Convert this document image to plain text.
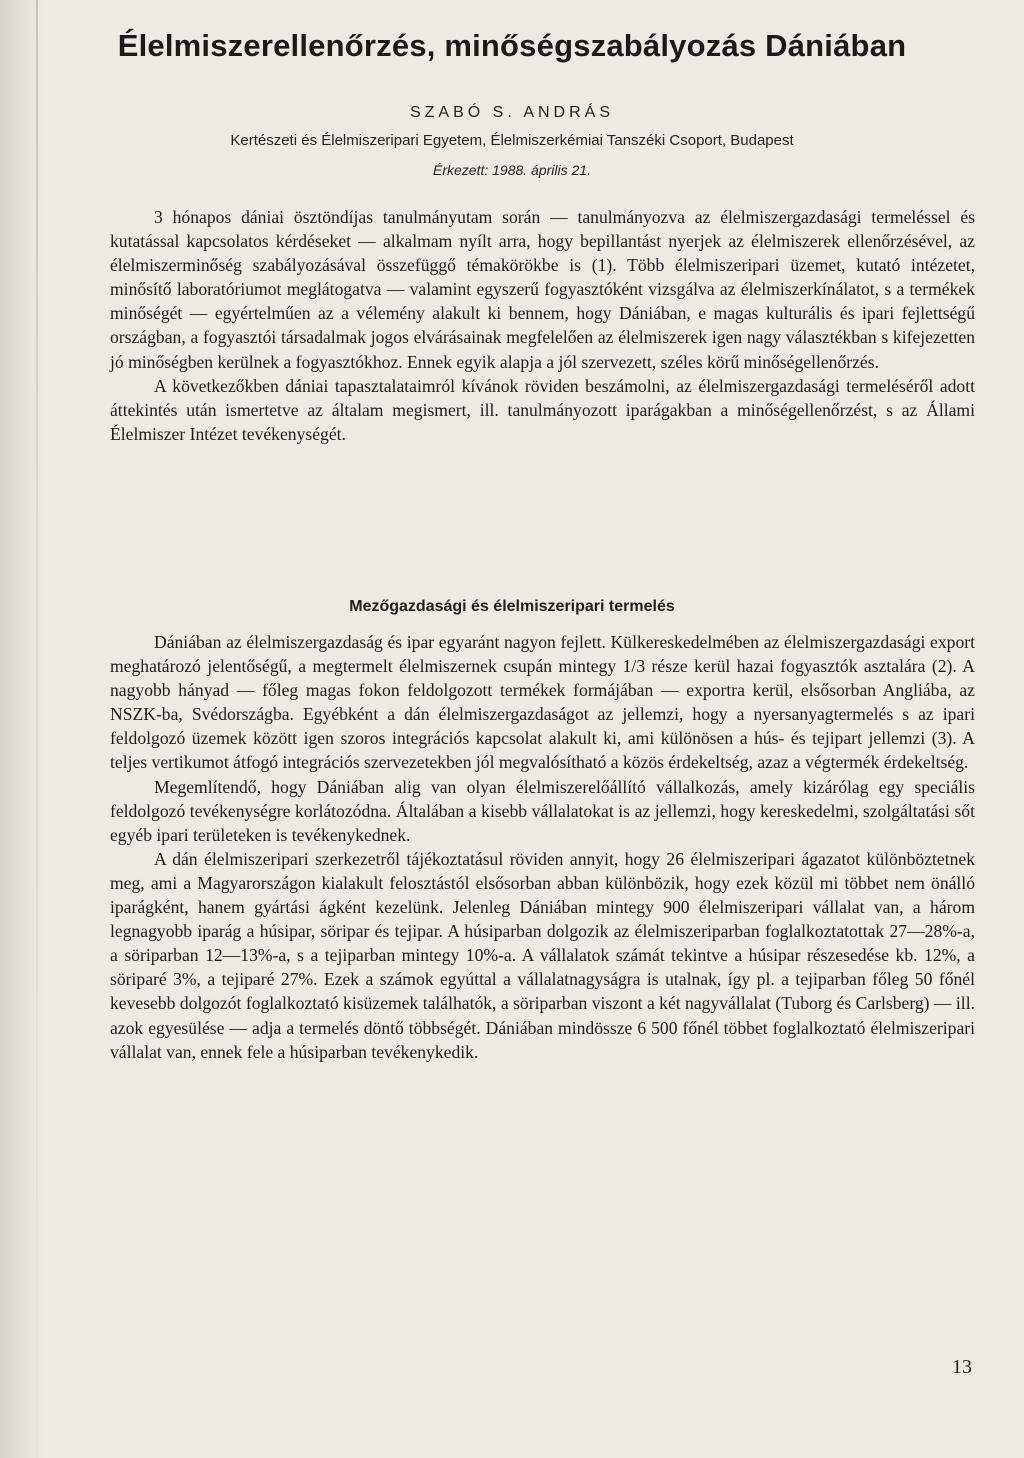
Élelmiszerellenőrzés, minőségszabályozás Dániában
SZABÓ S. ANDRÁS
Kertészeti és Élelmiszeripari Egyetem, Élelmiszerkémiai Tanszéki Csoport, Budapest
Érkezett: 1988. április 21.

3 hónapos dániai ösztöndíjas tanulmányutam során — tanulmányozva az élelmiszergazdasági termeléssel és kutatással kapcsolatos kérdéseket — alkalmam nyílt arra, hogy bepillantást nyerjek az élelmiszerek ellenőrzésével, az élelmiszerminőség szabályozásával összefüggő témakörökbe is (1). Több élelmiszeripari üzemet, kutató intézetet, minősítő laboratóriumot meglátogatva — valamint egyszerű fogyasztóként vizsgálva az élelmiszerkínálatot, s a termékek minőségét — egyértelműen az a vélemény alakult ki bennem, hogy Dániában, e magas kulturális és ipari fejlettségű országban, a fogyasztói társadalmak jogos elvárásainak megfelelően az élelmiszerek igen nagy választékban s kifejezetten jó minőségben kerülnek a fogyasztókhoz. Ennek egyik alapja a jól szervezett, széles körű minőségellenőrzés.

A következőkben dániai tapasztalataimról kívánok röviden beszámolni, az élelmiszergazdasági termeléséről adott áttekintés után ismertetve az általam megismert, ill. tanulmányozott iparágakban a minőségellenőrzést, s az Állami Élelmiszer Intézet tevékenységét.

Mezőgazdasági és élelmiszeripari termelés

Dániában az élelmiszergazdaság és ipar egyaránt nagyon fejlett. Külkereskedelmében az élelmiszergazdasági export meghatározó jelentőségű, a megtermelt élelmiszernek csupán mintegy 1/3 része kerül hazai fogyasztók asztalára (2). A nagyobb hányad — főleg magas fokon feldolgozott termékek formájában — exportra kerül, elsősorban Angliába, az NSZK-ba, Svédországba. Egyébként a dán élelmiszergazdaságot az jellemzi, hogy a nyersanyagtermelés s az ipari feldolgozó üzemek között igen szoros integrációs kapcsolat alakult ki, ami különösen a hús- és tejipart jellemzi (3). A teljes vertikumot átfogó integrációs szervezetekben jól megvalósítható a közös érdekeltség, azaz a végtermék érdekeltség.

Megemlítendő, hogy Dániában alig van olyan élelmiszerelőállító vállalkozás, amely kizárólag egy speciális feldolgozó tevékenységre korlátozódna. Általában a kisebb vállalatokat is az jellemzi, hogy kereskedelmi, szolgáltatási sőt egyéb ipari területeken is tevékenykednek.

A dán élelmiszeripari szerkezetről tájékoztatásul röviden annyit, hogy 26 élelmiszeripari ágazatot különböztetnek meg, ami a Magyarországon kialakult felosztástól elsősorban abban különbözik, hogy ezek közül mi többet nem önálló iparágként, hanem gyártási ágként kezelünk. Jelenleg Dániában mintegy 900 élelmiszeripari vállalat van, a három legnagyobb iparág a húsipar, söripar és tejipar. A húsiparban dolgozik az élelmiszeriparban foglalkoztatottak 27—28%-a, a söriparban 12—13%-a, s a tejiparban mintegy 10%-a. A vállalatok számát tekintve a húsipar részesedése kb. 12%, a söriparé 3%, a tejiparé 27%. Ezek a számok egyúttal a vállalatnagyságra is utalnak, így pl. a tejiparban főleg 50 főnél kevesebb dolgozót foglalkoztató kisüzemek találhatók, a söriparban viszont a két nagyvállalat (Tuborg és Carlsberg) — ill. azok egyesülése — adja a termelés döntő többségét. Dániában mindössze 6 500 főnél többet foglalkoztató élelmiszeripari vállalat van, ennek fele a húsiparban tevékenykedik.

13
